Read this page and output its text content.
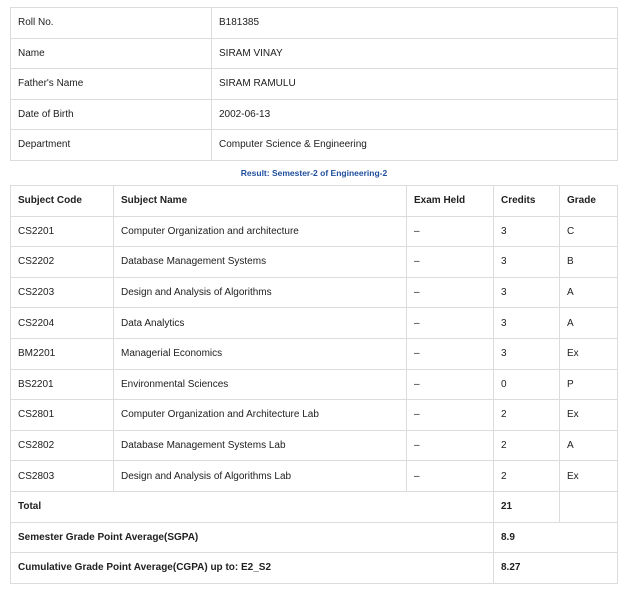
Roll No.	B181385
Name	SIRAM VINAY
Father's Name	SIRAM RAMULU
Date of Birth	2002-06-13
Department	Computer Science & Engineering
Result: Semester-2 of Engineering-2
Subject Code	Subject Name	Exam Held	Credits	Grade
CS2201	Computer Organization and architecture	–	3	C
CS2202	Database Management Systems	–	3	B
CS2203	Design and Analysis of Algorithms	–	3	A
CS2204	Data Analytics	–	3	A
BM2201	Managerial Economics	–	3	Ex
BS2201	Environmental Sciences	–	0	P
CS2801	Computer Organization and Architecture Lab	–	2	Ex
CS2802	Database Management Systems Lab	–	2	A
CS2803	Design and Analysis of Algorithms Lab	–	2	Ex
Total			21	
Semester Grade Point Average(SGPA)			8.9	
Cumulative Grade Point Average(CGPA) up to: E2_S2			8.27	
